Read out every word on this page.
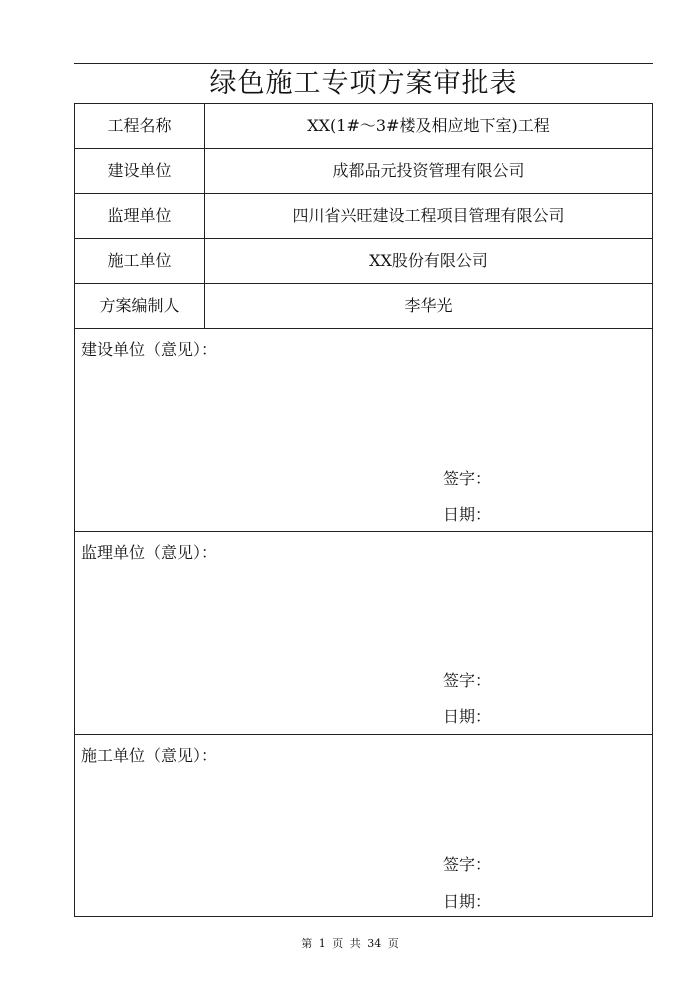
绿色施工专项方案审批表
工程名称	XX(1#～3#楼及相应地下室)工程
建设单位	成都品元投资管理有限公司
监理单位	四川省兴旺建设工程项目管理有限公司
施工单位	XX股份有限公司
方案编制人	李华光
建设单位（意见）：
签字：
日期：
监理单位（意见）：
签字：
日期：
施工单位（意见）：
签字：
日期：
第 1 页 共 34 页
